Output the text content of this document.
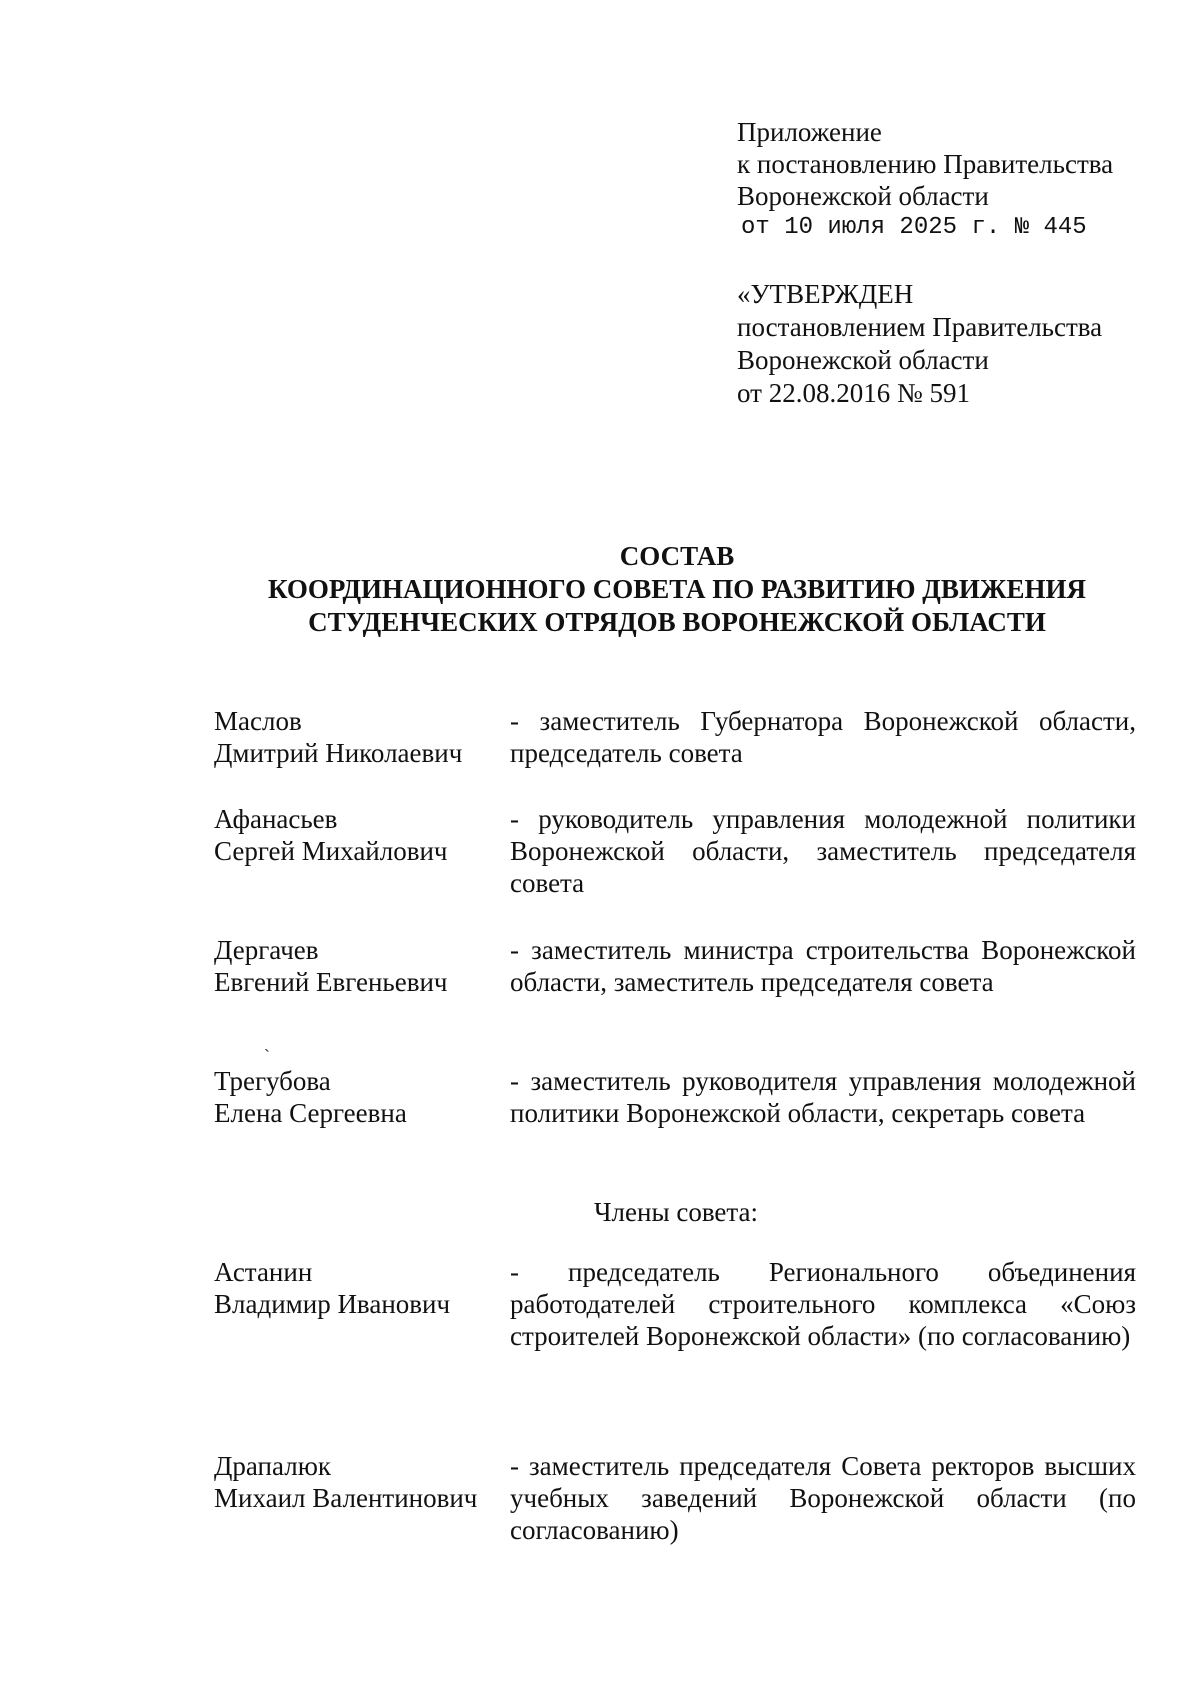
Приложение
к постановлению Правительства
Воронежской области
от 10 июля 2025 г. № 445
«УТВЕРЖДЕН
постановлением Правительства
Воронежской области
от 22.08.2016 № 591
СОСТАВ
КООРДИНАЦИОННОГО СОВЕТА ПО РАЗВИТИЮ ДВИЖЕНИЯ
СТУДЕНЧЕСКИХ ОТРЯДОВ ВОРОНЕЖСКОЙ ОБЛАСТИ
Маслов
Дмитрий Николаевич
- заместитель Губернатора Воронежской области, председатель совета
Афанасьев
Сергей Михайлович
- руководитель управления молодежной политики Воронежской области, заместитель председателя совета
Дергачев
Евгений Евгеньевич
- заместитель министра строительства Воронежской области, заместитель председателя совета
Трегубова
Елена Сергеевна
- заместитель руководителя управления молодежной политики Воронежской области, секретарь совета
Астанин
Владимир Иванович
- председатель Регионального объединения работодателей строительного комплекса «Союз строителей Воронежской области» (по согласованию)
Драпалюк
Михаил Валентинович
- заместитель председателя Совета ректоров высших учебных заведений Воронежской области (по согласованию)
Члены совета:
ˏ
